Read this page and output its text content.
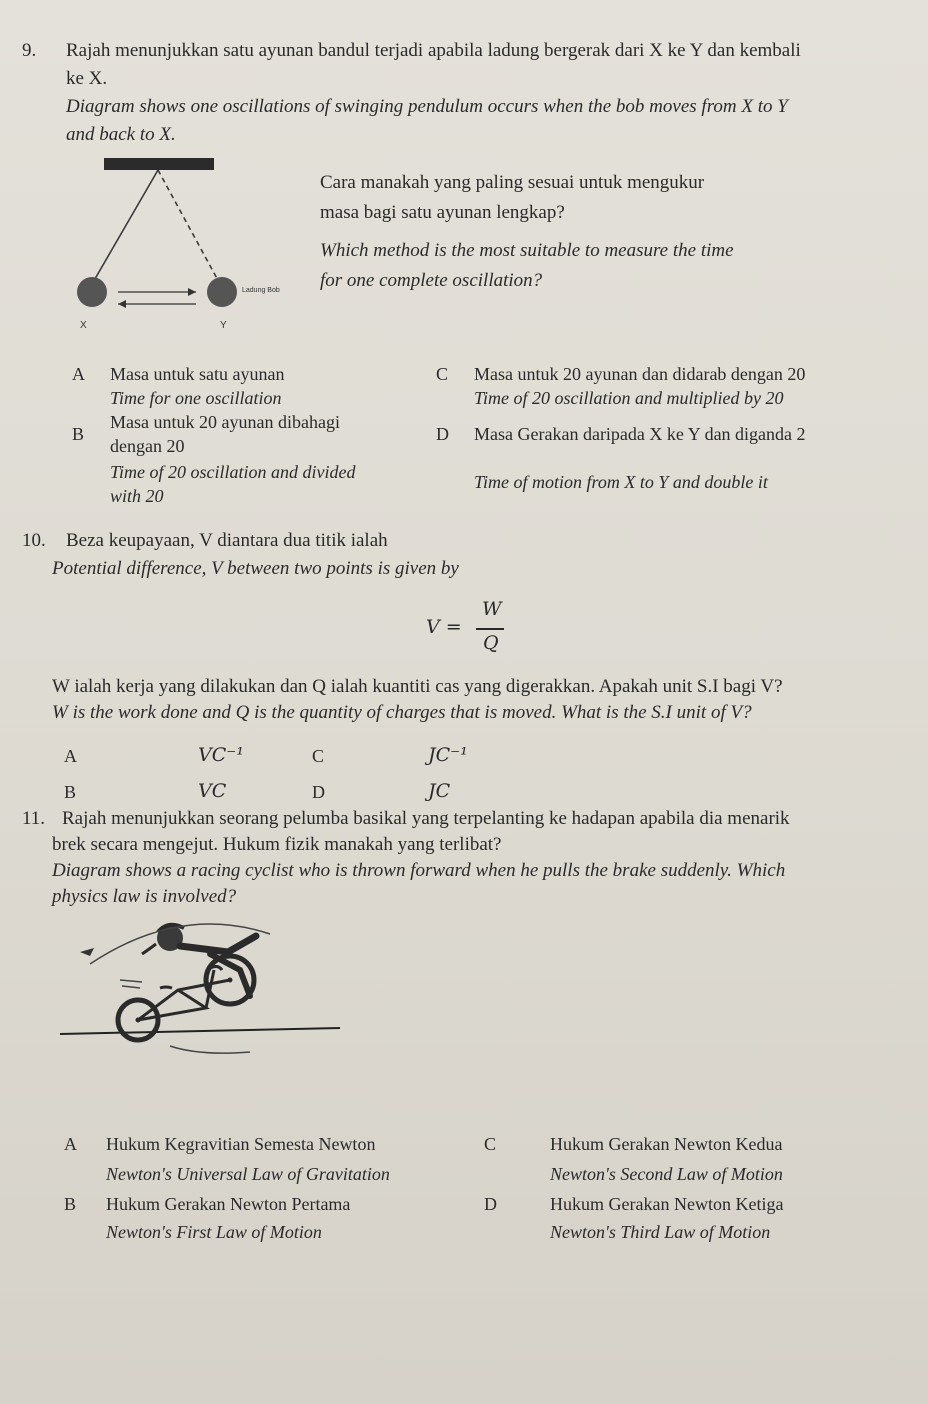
9. Rajah menunjukkan satu ayunan bandul terjadi apabila ladung bergerak dari X ke Y dan kembali
ke X.
Diagram shows one oscillations of swinging pendulum occurs when the bob moves from X to Y
and back to X.
X	Y
Ladung Bob
Cara manakah yang paling sesuai untuk mengukur
masa bagi satu ayunan lengkap?
Which method is the most suitable to measure the time
for one complete oscillation?
A Masa untuk satu ayunan
Time for one oscillation
B
Masa untuk 20 ayunan dibahagi
dengan 20
Time of 20 oscillation and divided
with 20
C Masa untuk 20 ayunan dan didarab dengan 20
Time of 20 oscillation and multiplied by 20
D Masa Gerakan daripada X ke Y dan diganda 2
Time of motion from X to Y and double it
10. Beza keupayaan, V diantara dua titik ialah
Potential difference, V between two points is given by
V =
W
Q
W ialah kerja yang dilakukan dan Q ialah kuantiti cas yang digerakkan. Apakah unit S.I bagi V?
W is the work done and Q is the quantity of charges that is moved. What is the S.I unit of V?
A	VC⁻¹
B	VC
C	JC⁻¹
D	JC
11. Rajah menunjukkan seorang pelumba basikal yang terpelanting ke hadapan apabila dia menarik
brek secara mengejut. Hukum fizik manakah yang terlibat?
Diagram shows a racing cyclist who is thrown forward when he pulls the brake suddenly. Which
physics law is involved?
A Hukum Kegravitian Semesta Newton
Newton's Universal Law of Gravitation
B Hukum Gerakan Newton Pertama
Newton's First Law of Motion
C	Hukum Gerakan Newton Kedua
Newton's Second Law of Motion
D	Hukum Gerakan Newton Ketiga
Newton's Third Law of Motion
